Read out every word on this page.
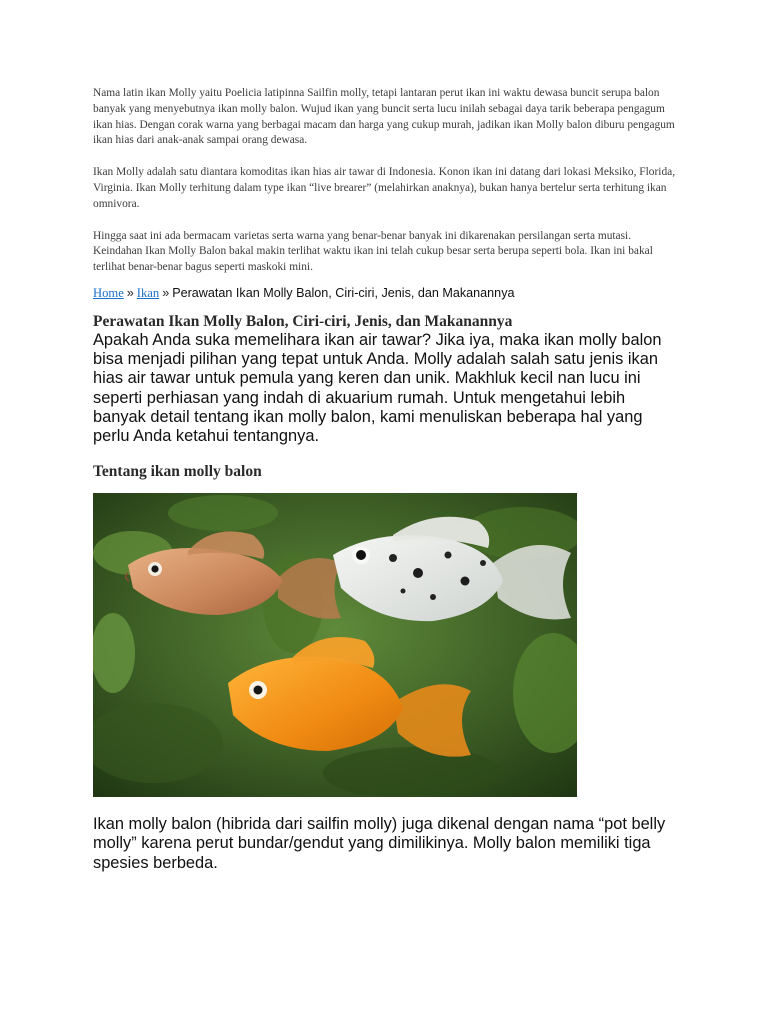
Nama latin ikan Molly yaitu Poelicia latipinna Sailfin molly, tetapi lantaran perut ikan ini waktu dewasa buncit serupa balon banyak yang menyebutnya ikan molly balon. Wujud ikan yang buncit serta lucu inilah sebagai daya tarik beberapa pengagum ikan hias. Dengan corak warna yang berbagai macam dan harga yang cukup murah, jadikan ikan Molly balon diburu pengagum ikan hias dari anak-anak sampai orang dewasa.

Ikan Molly adalah satu diantara komoditas ikan hias air tawar di Indonesia. Konon ikan ini datang dari lokasi Meksiko, Florida, Virginia. Ikan Molly terhitung dalam type ikan “live brearer” (melahirkan anaknya), bukan hanya bertelur serta terhitung ikan omnivora.

Hingga saat ini ada bermacam varietas serta warna yang benar-benar banyak ini dikarenakan persilangan serta mutasi. Keindahan Ikan Molly Balon bakal makin terlihat waktu ikan ini telah cukup besar serta berupa seperti bola. Ikan ini bakal terlihat benar-benar bagus seperti maskoki mini.

Home » Ikan » Perawatan Ikan Molly Balon, Ciri-ciri, Jenis, dan Makanannya
Perawatan Ikan Molly Balon, Ciri-ciri, Jenis, dan Makanannya

Apakah Anda suka memelihara ikan air tawar? Jika iya, maka ikan molly balon bisa menjadi pilihan yang tepat untuk Anda. Molly adalah salah satu jenis ikan hias air tawar untuk pemula yang keren dan unik. Makhluk kecil nan lucu ini seperti perhiasan yang indah di akuarium rumah. Untuk mengetahui lebih banyak detail tentang ikan molly balon, kami menuliskan beberapa hal yang perlu Anda ketahui tentangnya.

Tentang ikan molly balon

Ikan molly balon (hibrida dari sailfin molly) juga dikenal dengan nama “pot belly molly” karena perut bundar/gendut yang dimilikinya. Molly balon memiliki tiga spesies berbeda.
